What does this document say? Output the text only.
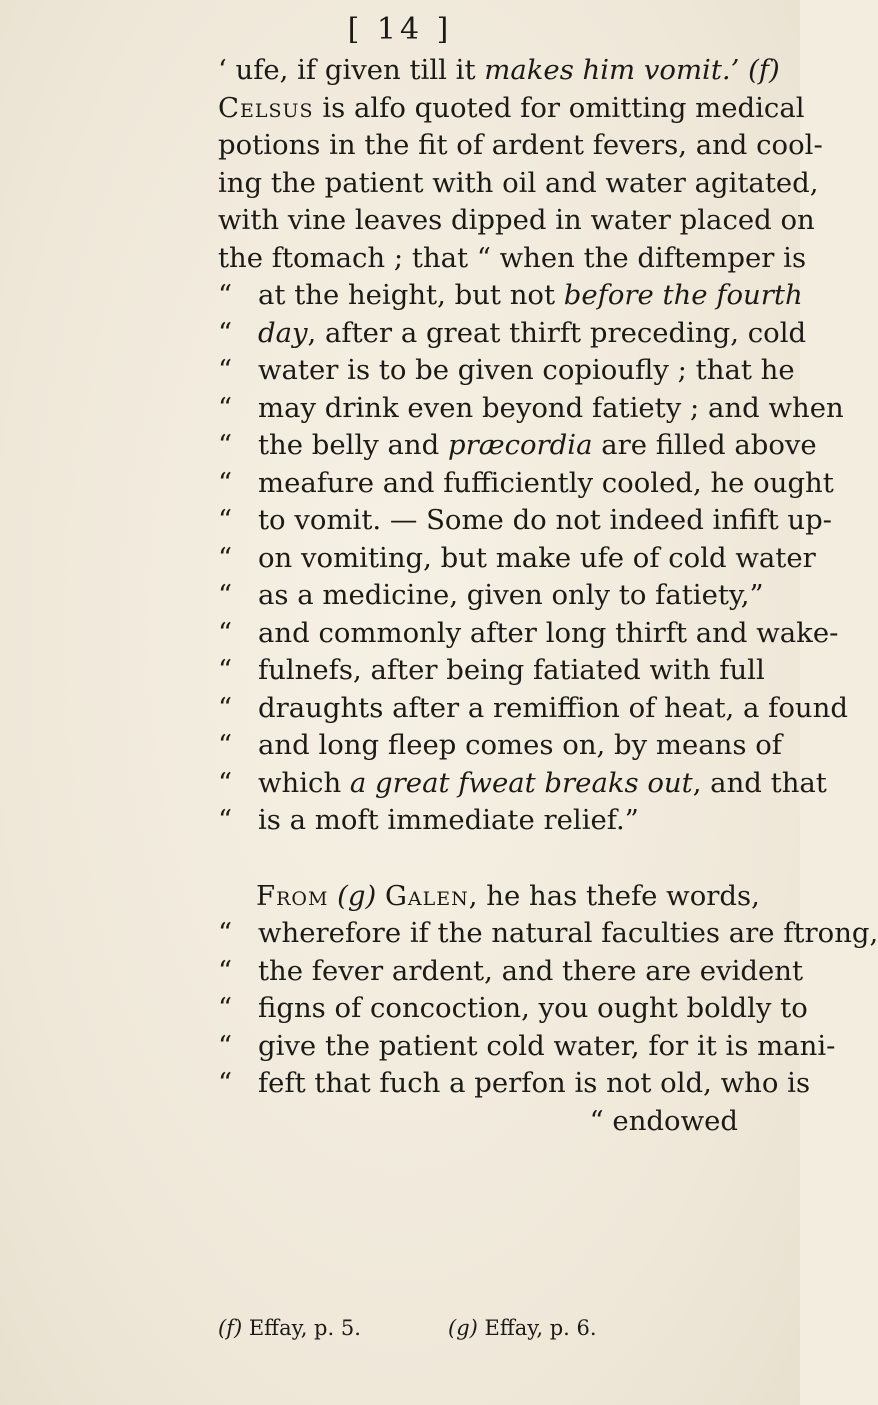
[ 14 ]
‘ ufe, if given till it makes him vomit.’ (f)
Celsus is alfo quoted for omitting medical
potions in the fit of ardent fevers, and cool-
ing the patient with oil and water agitated,
with vine leaves dipped in water placed on
the ftomach ; that “ when the diftemper is
“ at the height, but not before the fourth
“ day, after a great thirft preceding, cold
“ water is to be given copioufly ; that he
“ may drink even beyond fatiety ; and when
“ the belly and præcordia are filled above
“ meafure and fufficiently cooled, he ought
“ to vomit. — Some do not indeed infift up-
“ on vomiting, but make ufe of cold water
“ as a medicine, given only to fatiety,”
“ and commonly after long thirft and wake-
“ fulnefs, after being fatiated with full
“ draughts after a remiffion of heat, a found
“ and long fleep comes on, by means of
“ which a great fweat breaks out, and that
“ is a moft immediate relief.”
From (g) Galen, he has thefe words,
“ wherefore if the natural faculties are ftrong,
“ the fever ardent, and there are evident
“ figns of concoction, you ought boldly to
“ give the patient cold water, for it is mani-
“ feft that fuch a perfon is not old, who is
“ endowed
(f) Effay, p. 5.	(g) Effay, p. 6.
